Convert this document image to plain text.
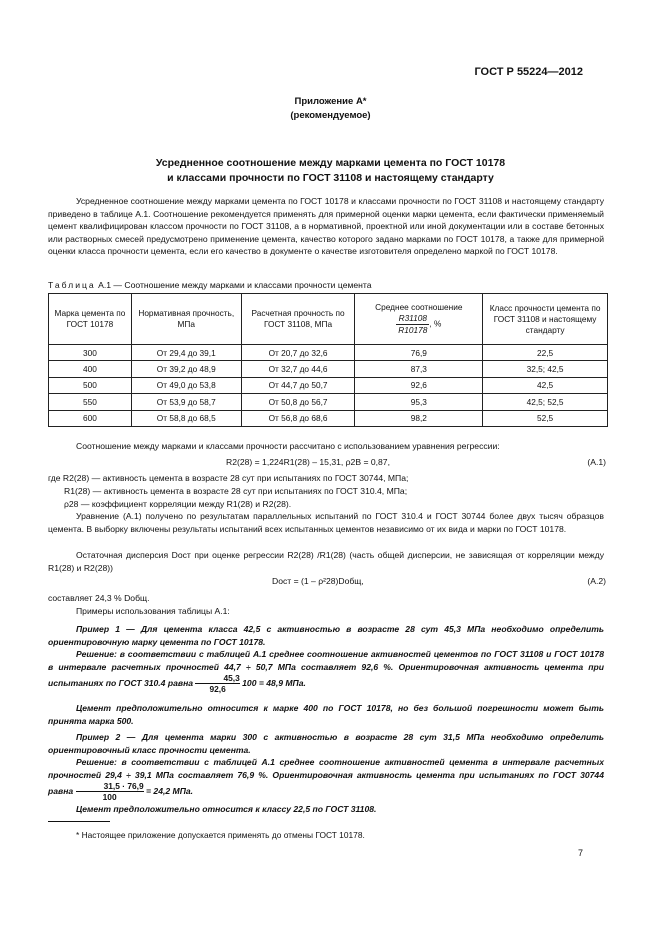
ГОСТ Р 55224—2012
Приложение А*
(рекомендуемое)
Усредненное соотношение между марками цемента по ГОСТ 10178
и классами прочности по ГОСТ 31108 и настоящему стандарту

Усредненное соотношение между марками цемента по ГОСТ 10178 и классами прочности по ГОСТ 31108 и настоящему стандарту приведено в таблице А.1. Соотношение рекомендуется применять для примерной оценки марки цемента, если фактически применяемый цемент квалифицирован классом прочности по ГОСТ 31108, а в нормативной, проектной или иной документации или в составе бетонных или растворных смесей предусмотрено применение цемента, качество которого задано марками по ГОСТ 10178, а также для примерной оценки класса прочности цемента, если его качество в документе о качестве изготовителя определено маркой по ГОСТ 10178.

Таблица А.1 — Соотношение между марками и классами прочности цемента
Марка цемента по ГОСТ 10178	Нормативная прочность, МПа	Расчетная прочность по ГОСТ 31108, МПа	Среднее соотношение
$\frac{R31108}{R10178}$ , %	Класс прочности цемента по ГОСТ 31108 и настоящему стандарту
300	От 29,4 до 39,1	От 20,7 до 32,6	76,9	22,5
400	От 39,2 до 48,9	От 32,7 до 44,6	87,3	32,5; 42,5
500	От 49,0 до 53,8	От 44,7 до 50,7	92,6	42,5
550	От 53,9 до 58,7	От 50,8 до 56,7	95,3	42,5; 52,5
600	От 58,8 до 68,5	От 56,8 до 68,6	98,2	52,5

Соотношение между марками и классами прочности рассчитано с использованием уравнения регрессии:

R2(28) = 1,224R1(28) – 15,31, ρ2B = 0,87,	(А.1)

где R2(28) — активность цемента в возрасте 28 сут при испытаниях по ГОСТ 30744, МПа;

R1(28) — активность цемента в возрасте 28 сут при испытаниях по ГОСТ 310.4, МПа;

ρ28 — коэффициент корреляции между R1(28) и R2(28).

Уравнение (А.1) получено по результатам параллельных испытаний по ГОСТ 310.4 и ГОСТ 30744 более двух тысяч образцов цемента. В выборку включены результаты испытаний всех испытанных цементов независимо от их вида и марки по ГОСТ 10178.

Остаточная дисперсия Dост при оценке регрессии R2(28) /R1(28) (часть общей дисперсии, не зависящая от корреляции между R1(28) и R2(28))

Dост = (1 – ρ²28)Dобщ,	(А.2)

составляет 24,3 % Dобщ.

Примеры использования таблицы А.1:

Пример 1 — Для цемента класса 42,5 с активностью в возрасте 28 сут 45,3 МПа необходимо определить ориентировочную марку цемента по ГОСТ 10178.

Решение: в соответствии с таблицей А.1 среднее соотношение активностей цементов по ГОСТ 31108 и ГОСТ 10178 в интервале расчетных прочностей 44,7 ÷ 50,7 МПа составляет 92,6 %. Ориентировочная активность цемента при испытаниях по ГОСТ 310.4 равна $\frac{45,3}{92,6} 100 = 48,9$ МПа.

Цемент предположительно относится к марке 400 по ГОСТ 10178, но без большой погрешности может быть принята марка 500.

Пример 2 — Для цемента марки 300 с активностью в возрасте 28 сут 31,5 МПа необходимо определить ориентировочный класс прочности цемента.

Решение: в соответствии с таблицей А.1 среднее соотношение активностей цемента в интервале расчетных прочностей 29,4 ÷ 39,1 МПа составляет 76,9 %. Ориентировочная активность цемента при испытаниях по ГОСТ 30744 равна $\frac{31,5 \cdot 76,9}{100} = 24,2$ МПа.

Цемент предположительно относится к классу 22,5 по ГОСТ 31108.

* Настоящее приложение допускается применять до отмены ГОСТ 10178.
7
